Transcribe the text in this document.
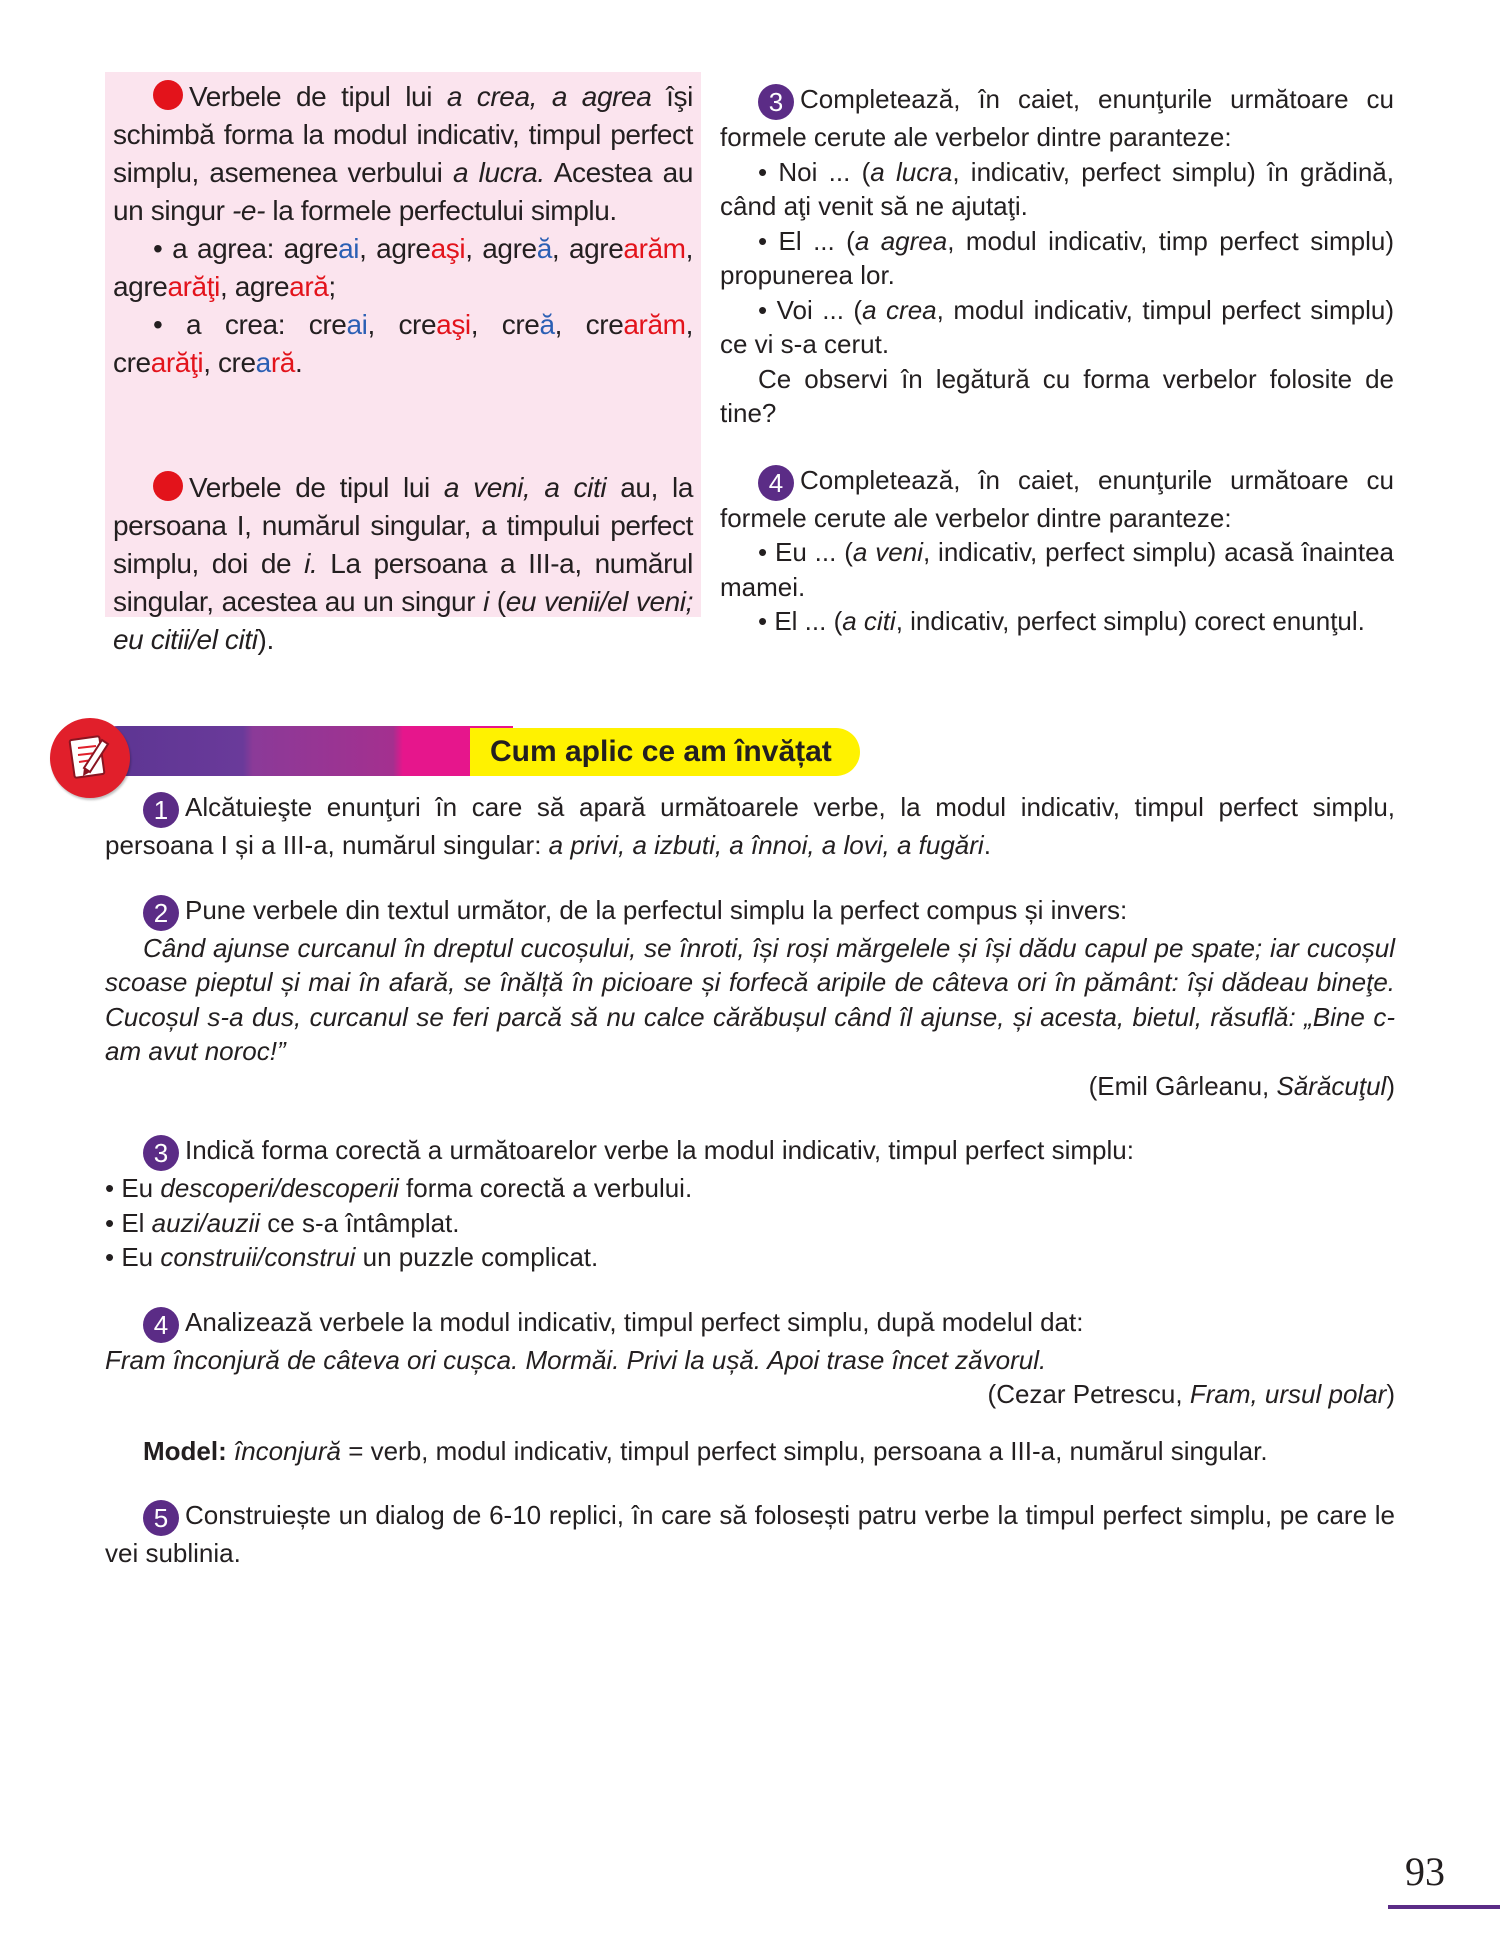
Verbele de tipul lui a crea, a agrea îşi schimbă forma la modul indicativ, timpul perfect simplu, asemenea verbului a lucra. Acestea au un singur -e- la formele perfectului simplu.

• a agrea: agreai, agreaşi, agreă, agrearăm, agrearăţi, agreară;

• a crea: creai, creaşi, creă, crearăm, crearăţi, creară.

Verbele de tipul lui a veni, a citi au, la persoana I, numărul singular, a timpului perfect simplu, doi de i. La persoana a III-a, numărul singular, acestea au un singur i (eu venii/el veni; eu citii/el citi).

3 Completează, în caiet, enunţurile următoare cu formele cerute ale verbelor dintre paranteze:

• Noi ... (a lucra, indicativ, perfect simplu) în grădină, când aţi venit să ne ajutaţi.

• El ... (a agrea, modul indicativ, timp perfect simplu) propunerea lor.

• Voi ... (a crea, modul indicativ, timpul perfect simplu) ce vi s-a cerut.

Ce observi în legătură cu forma verbelor folosite de tine?

4 Completează, în caiet, enunţurile următoare cu formele cerute ale verbelor dintre paranteze:

• Eu ... (a veni, indicativ, perfect simplu) acasă înaintea mamei.

• El ... (a citi, indicativ, perfect simplu) corect enunţul.

Cum aplic ce am învățat

1 Alcătuieşte enunţuri în care să apară următoarele verbe, la modul indicativ, timpul perfect simplu, persoana I și a III-a, numărul singular: a privi, a izbuti, a înnoi, a lovi, a fugări.

2 Pune verbele din textul următor, de la perfectul simplu la perfect compus și invers:

Când ajunse curcanul în dreptul cucoșului, se înroti, își roși mărgelele și își dădu capul pe spate; iar cucoșul scoase pieptul și mai în afară, se înălță în picioare și forfecă aripile de câteva ori în pământ: își dădeau bineţe. Cucoșul s-a dus, curcanul se feri parcă să nu calce cărăbușul când îl ajunse, și acesta, bietul, răsuflă: „Bine c-am avut noroc!”

(Emil Gârleanu, Sărăcuţul)

3 Indică forma corectă a următoarelor verbe la modul indicativ, timpul perfect simplu:

• Eu descoperi/descoperii forma corectă a verbului.

• El auzi/auzii ce s-a întâmplat.

• Eu construii/construi un puzzle complicat.

4 Analizează verbele la modul indicativ, timpul perfect simplu, după modelul dat:

Fram înconjură de câteva ori cușca. Mormăi. Privi la ușă. Apoi trase încet zăvorul.

(Cezar Petrescu, Fram, ursul polar)

Model: înconjură = verb, modul indicativ, timpul perfect simplu, persoana a III-a, numărul singular.

5 Construiește un dialog de 6-10 replici, în care să folosești patru verbe la timpul perfect simplu, pe care le vei sublinia.

93
